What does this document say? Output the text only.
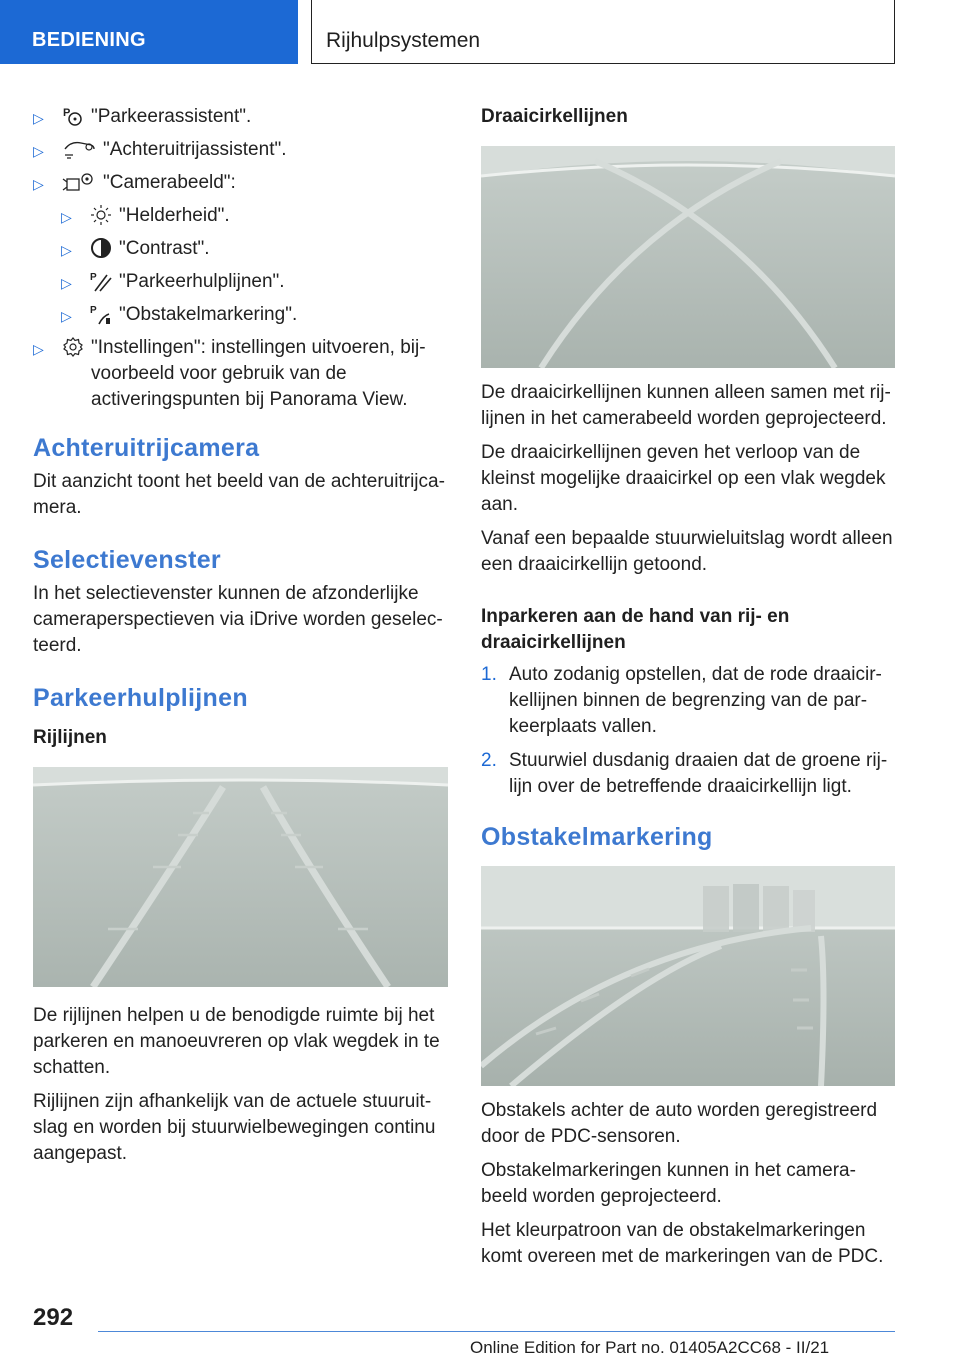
BEDIENING	Rijhulpsystemen
▷	P	"Parkeerassistent".
▷	"Achteruitrijassistent".
▷	"Camerabeeld":
▷	"Helderheid".
▷	"Contrast".
▷	P	"Parkeerhulplijnen".
▷	P	"Obstakelmarkering".
▷	"Instellingen": instellingen uitvoeren, bijvoorbeeld voor gebruik van de activeringspunten bij Panorama View.
Achteruitrijcamera

Dit aanzicht toont het beeld van de achteruitrijcamera.

Selectievenster

In het selectievenster kunnen de afzonderlijke cameraperspectieven via iDrive worden geselecteerd.

Parkeerhulplijnen
Rijlijnen

De rijlijnen helpen u de benodigde ruimte bij het parkeren en manoeuvreren op vlak wegdek in te schatten.

Rijlijnen zijn afhankelijk van de actuele stuuruitslag en worden bij stuurwielbewegingen continu aangepast.

Draaicirkellijnen

De draaicirkellijnen kunnen alleen samen met rijlijnen in het camerabeeld worden geprojecteerd.

De draaicirkellijnen geven het verloop van de kleinst mogelijke draaicirkel op een vlak wegdek aan.

Vanaf een bepaalde stuurwieluitslag wordt alleen een draaicirkellijn getoond.

Inparkeren aan de hand van rij- en draaicirkellijnen
1. Auto zodanig opstellen, dat de rode draaicirkellijnen binnen de begrenzing van de parkeerplaats vallen.
2. Stuurwiel dusdanig draaien dat de groene rijlijn over de betreffende draaicirkellijn ligt.
Obstakelmarkering

Obstakels achter de auto worden geregistreerd door de PDC-sensoren.

Obstakelmarkeringen kunnen in het camerabeeld worden geprojecteerd.

Het kleurpatroon van de obstakelmarkeringen komt overeen met de markeringen van de PDC.

292
Online Edition for Part no. 01405A2CC68 - II/21
